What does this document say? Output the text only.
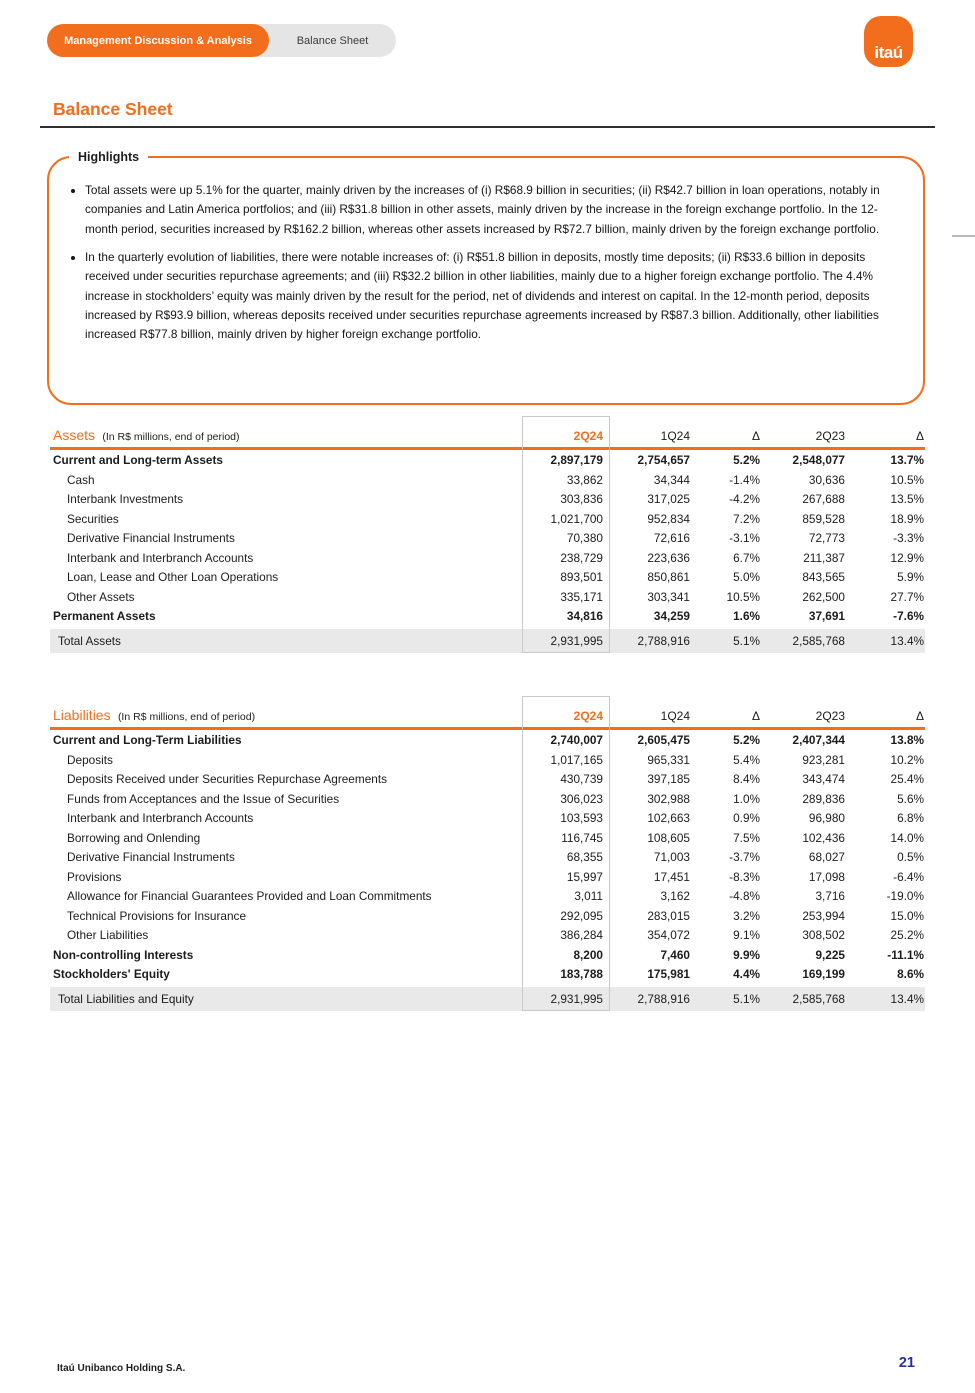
Balance Sheet
Management Discussion & Analysis
itaú
Balance Sheet
Highlights
• Total assets were up 5.1% for the quarter, mainly driven by the increases of (i) R$68.9 billion in securities; (ii) R$42.7 billion in loan operations, notably in companies and Latin America portfolios; and (iii) R$31.8 billion in other assets, mainly driven by the increase in the foreign exchange portfolio. In the 12-month period, securities increased by R$162.2 billion, whereas other assets increased by R$72.7 billion, mainly driven by the foreign exchange portfolio.
• In the quarterly evolution of liabilities, there were notable increases of: (i) R$51.8 billion in deposits, mostly time deposits; (ii) R$33.6 billion in deposits received under securities repurchase agreements; and (iii) R$32.2 billion in other liabilities, mainly due to a higher foreign exchange portfolio. The 4.4% increase in stockholders’ equity was mainly driven by the result for the period, net of dividends and interest on capital. In the 12-month period, deposits increased by R$93.9 billion, whereas deposits received under securities repurchase agreements increased by R$87.3 billion. Additionally, other liabilities increased R$77.8 billion, mainly driven by higher foreign exchange portfolio.
Assets (In R$ millions, end of period)	2Q24	1Q24	Δ	2Q23	Δ
Current and Long-term Assets	2,897,179	2,754,657	5.2%	2,548,077	13.7%
Cash	33,862	34,344	-1.4%	30,636	10.5%
Interbank Investments	303,836	317,025	-4.2%	267,688	13.5%
Securities	1,021,700	952,834	7.2%	859,528	18.9%
Derivative Financial Instruments	70,380	72,616	-3.1%	72,773	-3.3%
Interbank and Interbranch Accounts	238,729	223,636	6.7%	211,387	12.9%
Loan, Lease and Other Loan Operations	893,501	850,861	5.0%	843,565	5.9%
Other Assets	335,171	303,341	10.5%	262,500	27.7%
Permanent Assets	34,816	34,259	1.6%	37,691	-7.6%
Total Assets	2,931,995	2,788,916	5.1%	2,585,768	13.4%
Liabilities (In R$ millions, end of period)	2Q24	1Q24	Δ	2Q23	Δ
Current and Long-Term Liabilities	2,740,007	2,605,475	5.2%	2,407,344	13.8%
Deposits	1,017,165	965,331	5.4%	923,281	10.2%
Deposits Received under Securities Repurchase Agreements	430,739	397,185	8.4%	343,474	25.4%
Funds from Acceptances and the Issue of Securities	306,023	302,988	1.0%	289,836	5.6%
Interbank and Interbranch Accounts	103,593	102,663	0.9%	96,980	6.8%
Borrowing and Onlending	116,745	108,605	7.5%	102,436	14.0%
Derivative Financial Instruments	68,355	71,003	-3.7%	68,027	0.5%
Provisions	15,997	17,451	-8.3%	17,098	-6.4%
Allowance for Financial Guarantees Provided and Loan Commitments	3,011	3,162	-4.8%	3,716	-19.0%
Technical Provisions for Insurance	292,095	283,015	3.2%	253,994	15.0%
Other Liabilities	386,284	354,072	9.1%	308,502	25.2%
Non-controlling Interests	8,200	7,460	9.9%	9,225	-11.1%
Stockholders' Equity	183,788	175,981	4.4%	169,199	8.6%
Total Liabilities and Equity	2,931,995	2,788,916	5.1%	2,585,768	13.4%
Itaú Unibanco Holding S.A.	21
